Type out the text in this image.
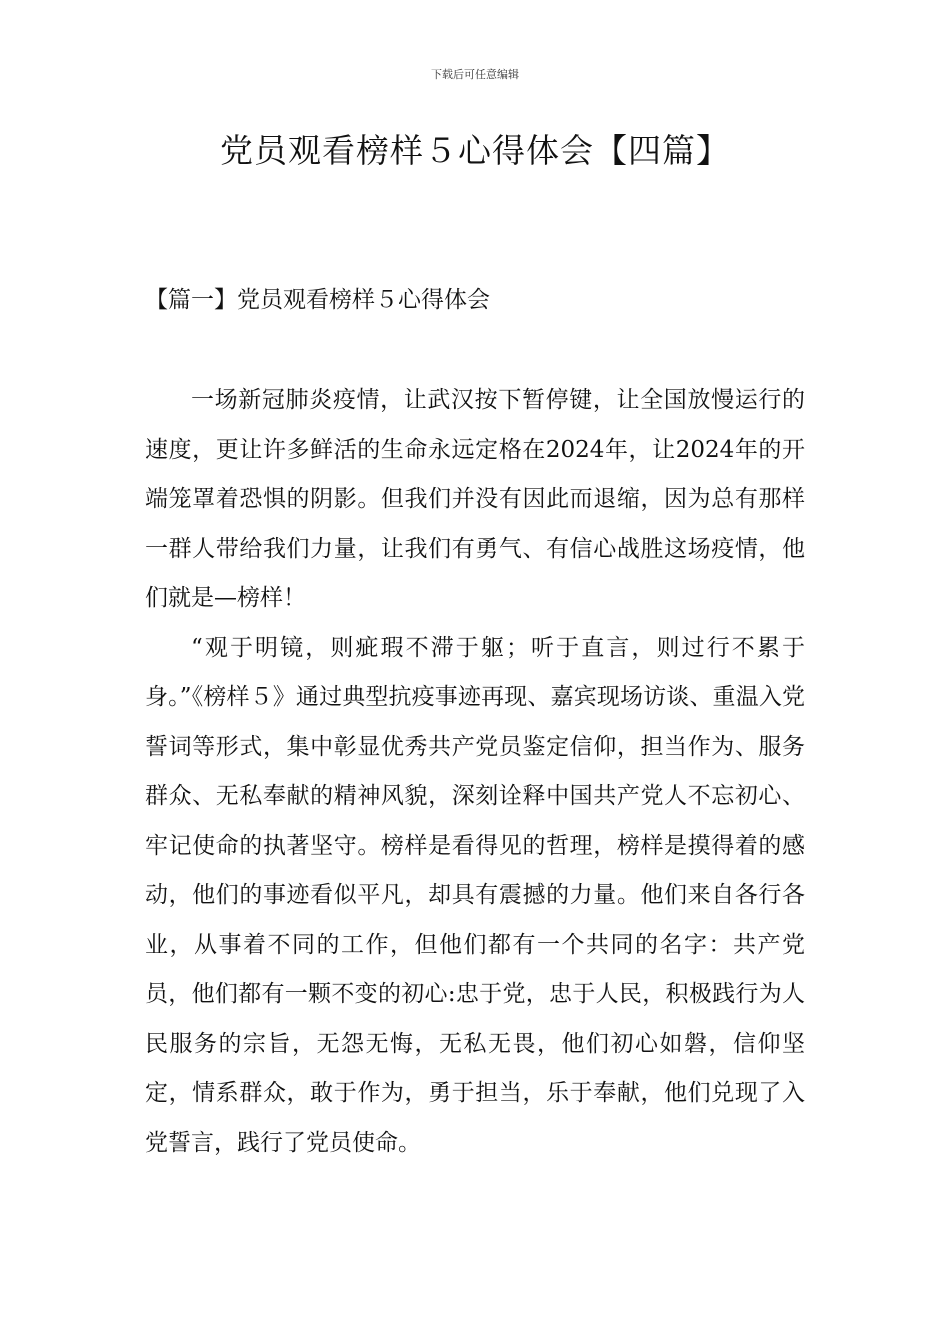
下载后可任意编辑
党员观看榜样５心得体会【四篇】
【篇一】党员观看榜样５心得体会

一场新冠肺炎疫情，让武汉按下暂停键，让全国放慢运行的速度，更让许多鲜活的生命永远定格在2024年，让2024年的开端笼罩着恐惧的阴影。但我们并没有因此而退缩，因为总有那样一群人带给我们力量，让我们有勇气、有信心战胜这场疫情，他们就是—榜样！

“观于明镜，则疵瑕不滞于躯；听于直言，则过行不累于身。”《榜样５》通过典型抗疫事迹再现、嘉宾现场访谈、重温入党誓词等形式，集中彰显优秀共产党员鉴定信仰，担当作为、服务群众、无私奉献的精神风貌，深刻诠释中国共产党人不忘初心、牢记使命的执著坚守。榜样是看得见的哲理，榜样是摸得着的感动，他们的事迹看似平凡，却具有震撼的力量。他们来自各行各业，从事着不同的工作，但他们都有一个共同的名字：共产党员，他们都有一颗不变的初心:忠于党，忠于人民，积极践行为人民服务的宗旨，无怨无悔，无私无畏，他们初心如磐，信仰坚定，情系群众，敢于作为，勇于担当，乐于奉献，他们兑现了入党誓言，践行了党员使命。
